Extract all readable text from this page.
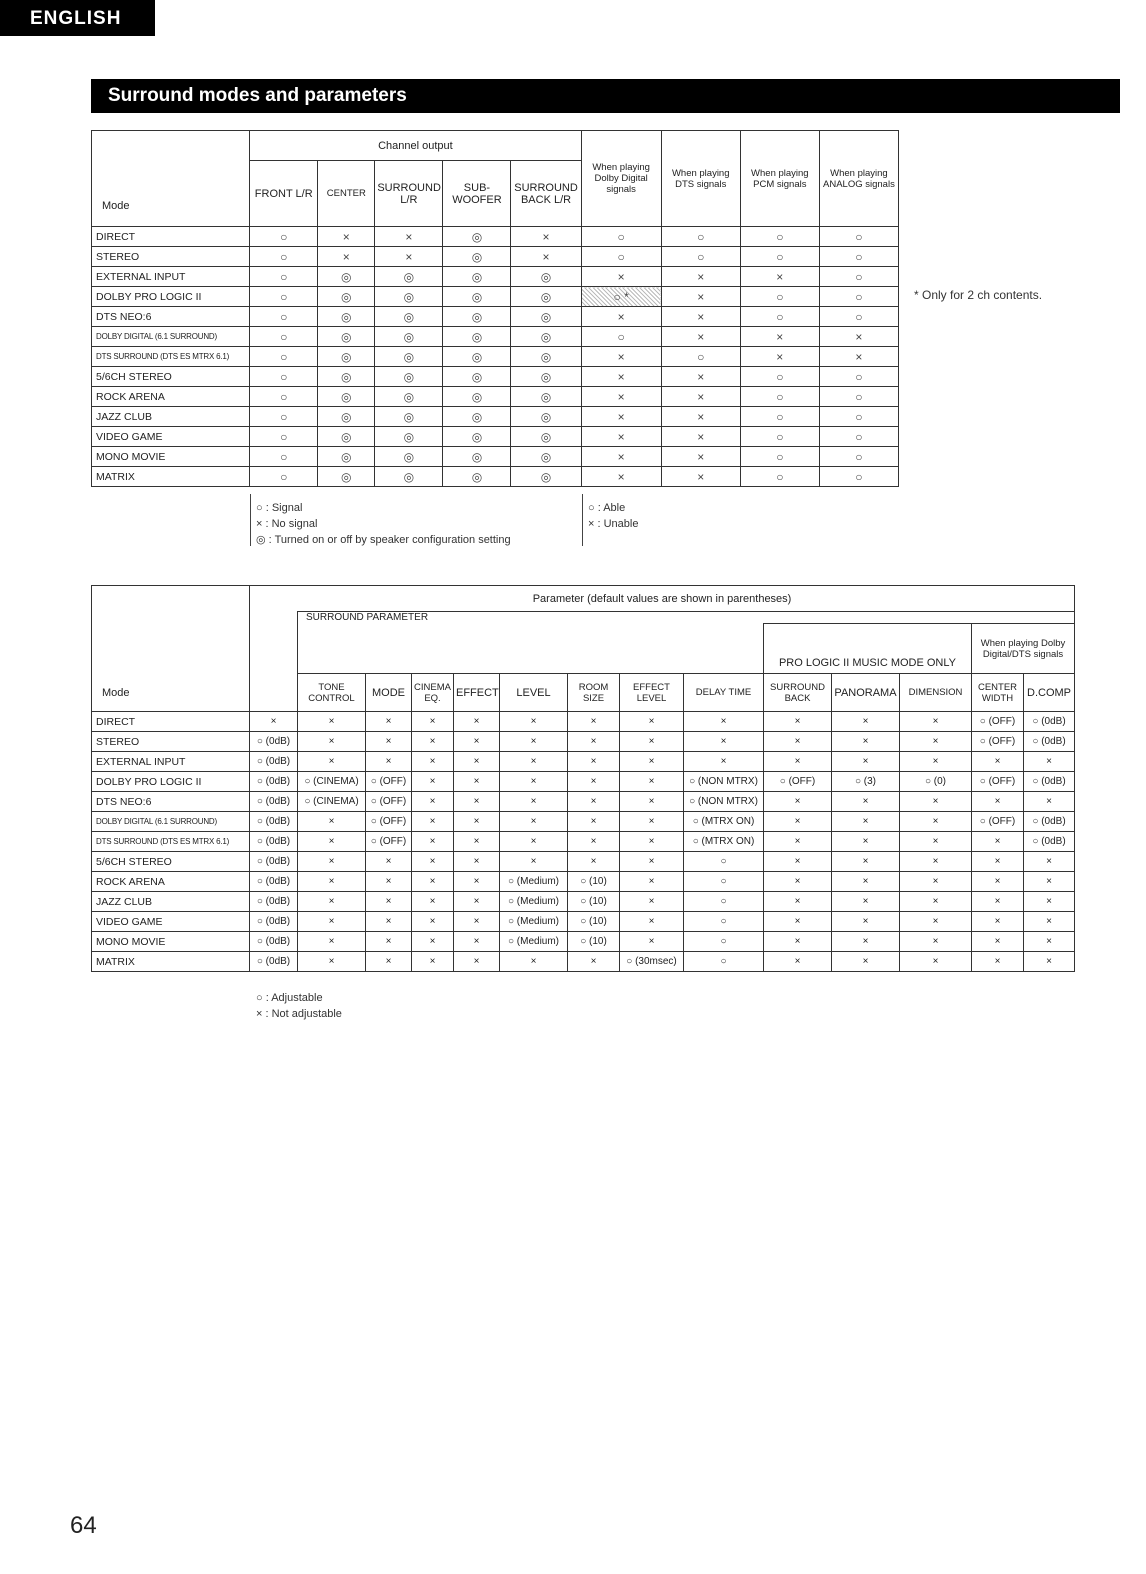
ENGLISH
Surround modes and parameters
Mode	Channel output					When playing Dolby Digital signals	When playing DTS signals	When playing PCM signals	When playing ANALOG signals
	FRONT L/R	CENTER	SURROUND L/R	SUB-WOOFER	SURROUND BACK L/R				
DIRECT	○	×	×	◎	×	○	○	○	○
STEREO	○	×	×	◎	×	○	○	○	○
EXTERNAL INPUT	○	◎	◎	◎	◎	×	×	×	○
DOLBY PRO LOGIC II	○	◎	◎	◎	◎	○ *	×	○	○
DTS NEO:6	○	◎	◎	◎	◎	×	×	○	○
DOLBY DIGITAL (6.1 SURROUND)	○	◎	◎	◎	◎	○	×	×	×
DTS SURROUND (DTS ES MTRX 6.1)	○	◎	◎	◎	◎	×	○	×	×
5/6CH STEREO	○	◎	◎	◎	◎	×	×	○	○
ROCK ARENA	○	◎	◎	◎	◎	×	×	○	○
JAZZ CLUB	○	◎	◎	◎	◎	×	×	○	○
VIDEO GAME	○	◎	◎	◎	◎	×	×	○	○
MONO MOVIE	○	◎	◎	◎	◎	×	×	○	○
MATRIX	○	◎	◎	◎	◎	×	×	○	○
○ : Signal
× : No signal
◎ : Turned on or off by speaker configuration setting
○ : Able
× : Unable
* Only for 2 ch contents.
Mode	Parameter (default values are shown in parentheses)														
		SURROUND PARAMETER													
										PRO LOGIC II MUSIC MODE ONLY			When playing Dolby Digital/DTS signals		
		TONE CONTROL	MODE	CINEMA EQ.	EFFECT	LEVEL	ROOM SIZE	EFFECT LEVEL	DELAY TIME	SURROUND BACK	PANORAMA	DIMENSION	CENTER WIDTH	D.COMP	
DIRECT	×	×	×	×	×	×	×	×	×	×	×	×	○ (OFF)	○ (0dB)	
STEREO	○ (0dB)	×	×	×	×	×	×	×	×	×	×	×	○ (OFF)	○ (0dB)	
EXTERNAL INPUT	○ (0dB)	×	×	×	×	×	×	×	×	×	×	×	×	×	
DOLBY PRO LOGIC II	○ (0dB)	○ (CINEMA)	○ (OFF)	×	×	×	×	×	○ (NON MTRX)	○ (OFF)	○ (3)	○ (0)	○ (OFF)	○ (0dB)	
DTS NEO:6	○ (0dB)	○ (CINEMA)	○ (OFF)	×	×	×	×	×	○ (NON MTRX)	×	×	×	×	×	
DOLBY DIGITAL (6.1 SURROUND)	○ (0dB)	×	○ (OFF)	×	×	×	×	×	○ (MTRX ON)	×	×	×	○ (OFF)	○ (0dB)	
DTS SURROUND (DTS ES MTRX 6.1)	○ (0dB)	×	○ (OFF)	×	×	×	×	×	○ (MTRX ON)	×	×	×	×	○ (0dB)	
5/6CH STEREO	○ (0dB)	×	×	×	×	×	×	×	○	×	×	×	×	×	
ROCK ARENA	○ (0dB)	×	×	×	×	○ (Medium)	○ (10)	×	○	×	×	×	×	×	
JAZZ CLUB	○ (0dB)	×	×	×	×	○ (Medium)	○ (10)	×	○	×	×	×	×	×	
VIDEO GAME	○ (0dB)	×	×	×	×	○ (Medium)	○ (10)	×	○	×	×	×	×	×	
MONO MOVIE	○ (0dB)	×	×	×	×	○ (Medium)	○ (10)	×	○	×	×	×	×	×	
MATRIX	○ (0dB)	×	×	×	×	×	×	○ (30msec)	○	×	×	×	×	×	
○ : Adjustable
× : Not adjustable
64
